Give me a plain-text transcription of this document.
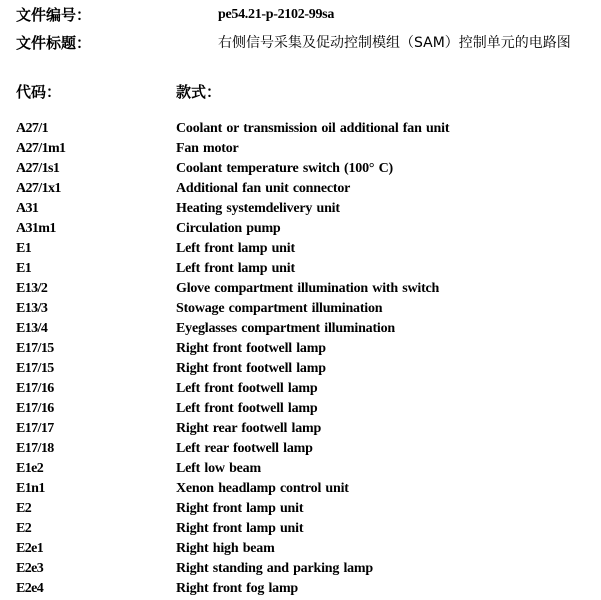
文件编号：	pe54.21-p-2102-99sa
文件标题：	右侧信号采集及促动控制模组（SAM）控制单元的电路图
代码：	款式：
A27/1	Coolant or transmission oil additional fan unit
A27/1m1	Fan motor
A27/1s1	Coolant temperature switch (100° C)
A27/1x1	Additional fan unit connector
A31	Heating systemdelivery unit
A31m1	Circulation pump
E1	Left front lamp unit
E1	Left front lamp unit
E13/2	Glove compartment illumination with switch
E13/3	Stowage compartment illumination
E13/4	Eyeglasses compartment illumination
E17/15	Right front footwell lamp
E17/15	Right front footwell lamp
E17/16	Left front footwell lamp
E17/16	Left front footwell lamp
E17/17	Right rear footwell lamp
E17/18	Left rear footwell lamp
E1e2	Left low beam
E1n1	Xenon headlamp control unit
E2	Right front lamp unit
E2	Right front lamp unit
E2e1	Right high beam
E2e3	Right standing and parking lamp
E2e4	Right front fog lamp
